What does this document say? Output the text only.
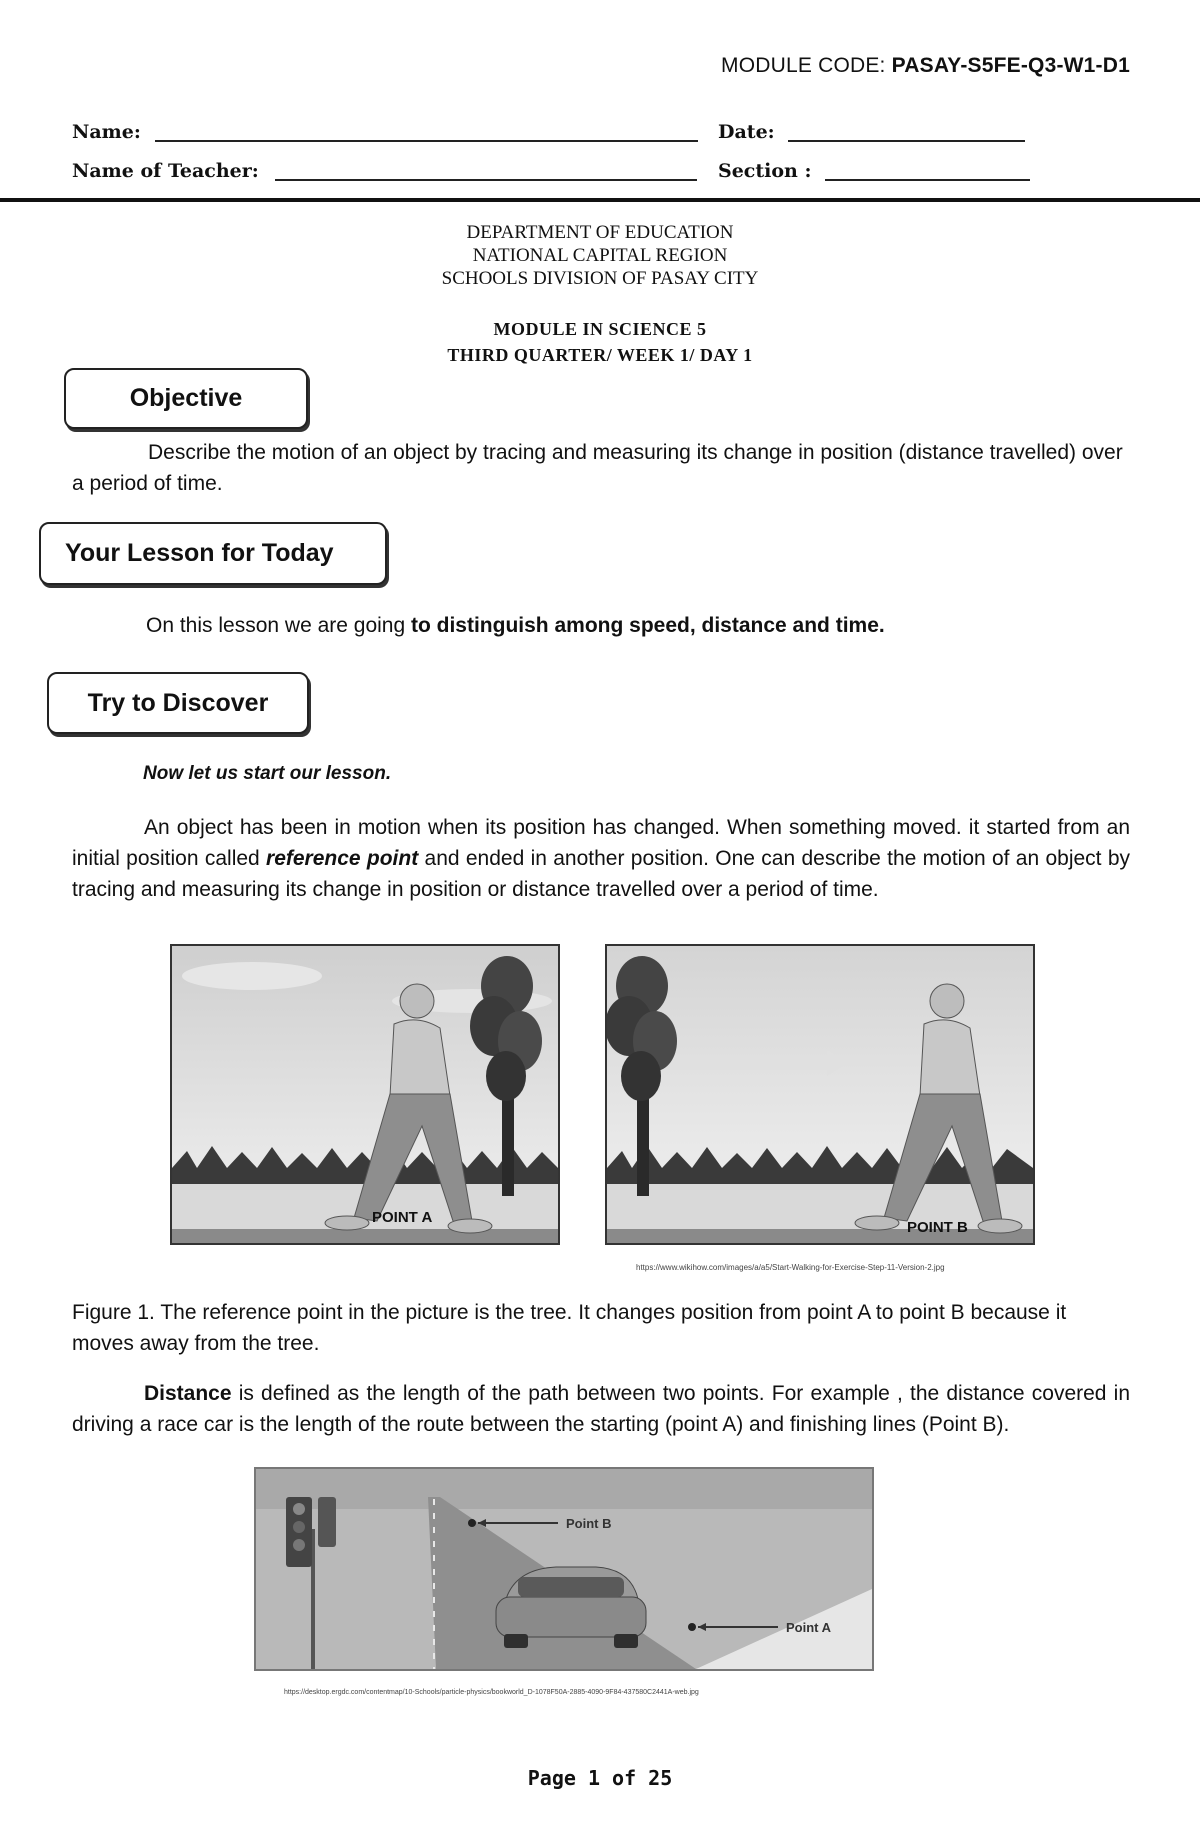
MODULE CODE: PASAY-S5FE-Q3-W1-D1
Name:	Date:
Name of Teacher:	Section :
DEPARTMENT OF EDUCATION
NATIONAL CAPITAL REGION
SCHOOLS DIVISION OF PASAY CITY
MODULE IN SCIENCE 5
THIRD QUARTER/ WEEK 1/ DAY 1
Objective
Describe the motion of an object by tracing and measuring its change in position (distance travelled) over a period of time.
Your Lesson for Today
On this lesson we are going to distinguish among speed, distance and time.
Try to Discover
Now let us start our lesson.
An object has been in motion when its position has changed. When something moved. it started from an initial position called reference point and ended in another position. One can describe the motion of an object by tracing and measuring its change in position or distance travelled over a period of time.
POINT A
POINT B
https://www.wikihow.com/images/a/a5/Start-Walking-for-Exercise-Step-11-Version-2.jpg
Figure 1. The reference point in the picture is the tree. It changes position from point A to point B because it moves away from the tree.
Distance is defined as the length of the path between two points. For example , the distance covered in driving a race car is the length of the route between the starting (point A) and finishing lines (Point B).
Point B
Point A
https://desktop.ergdc.com/contentmap/10-Schools/particle-physics/bookworld_D-1078F50A-2885-4090-9F84-437580C2441A-web.jpg
Page 1 of 25
